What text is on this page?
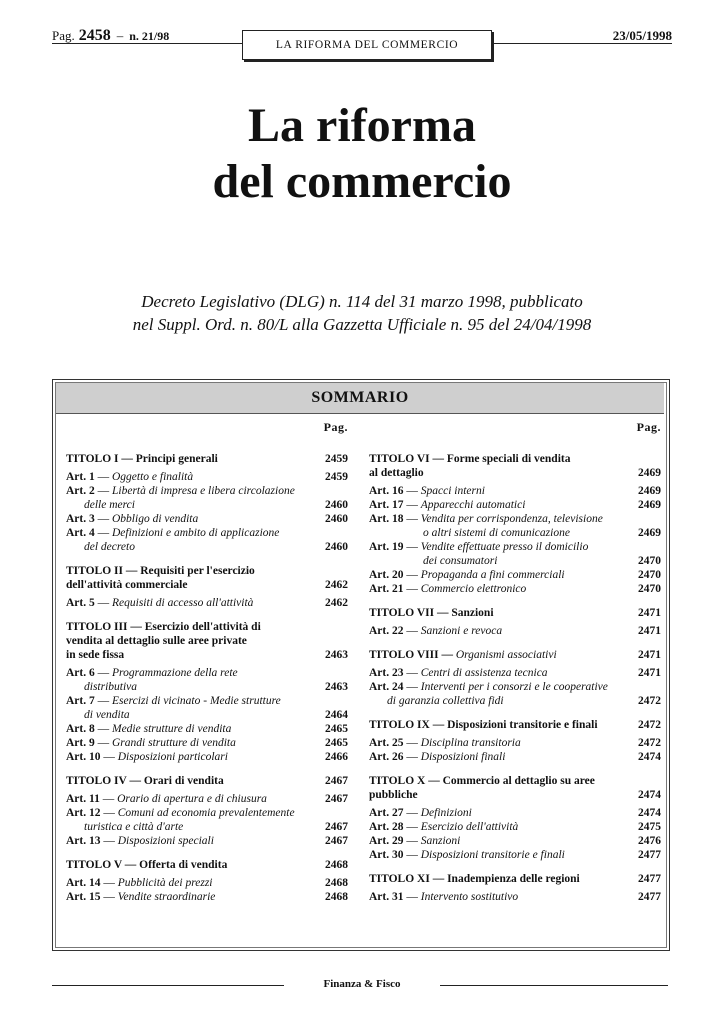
Pag. 2458 – n. 21/98
LA RIFORMA DEL COMMERCIO
23/05/1998
La riforma
del commercio
Decreto Legislativo (DLG) n. 114 del 31 marzo 1998, pubblicato
nel Suppl. Ord. n. 80/L alla Gazzetta Ufficiale n. 95 del 24/04/1998
SOMMARIO
Pag.
TITOLO I — Principi generali	2459
Art. 1 — Oggetto e finalità	2459
Art. 2 — Libertà di impresa e libera circolazione
delle merci	2460
Art. 3 — Obbligo di vendita	2460
Art. 4 — Definizioni e ambito di applicazione
del decreto	2460
TITOLO II — Requisiti per l'esercizio
dell'attività commerciale	2462
Art. 5 — Requisiti di accesso all'attività	2462
TITOLO III — Esercizio dell'attività di
vendita al dettaglio sulle aree private
in sede fissa	2463
Art. 6 — Programmazione della rete
distributiva	2463
Art. 7 — Esercizi di vicinato - Medie strutture
di vendita	2464
Art. 8 — Medie strutture di vendita	2465
Art. 9 — Grandi strutture di vendita	2465
Art. 10 — Disposizioni particolari	2466
TITOLO IV — Orari di vendita	2467
Art. 11 — Orario di apertura e di chiusura	2467
Art. 12 — Comuni ad economia prevalentemente
turistica e città d'arte	2467
Art. 13 — Disposizioni speciali	2467
TITOLO V — Offerta di vendita	2468
Art. 14 — Pubblicità dei prezzi	2468
Art. 15 — Vendite straordinarie	2468
Pag.
TITOLO VI — Forme speciali di vendita
al dettaglio	2469
Art. 16 — Spacci interni	2469
Art. 17 — Apparecchi automatici	2469
Art. 18 — Vendita per corrispondenza, televisione
o altri sistemi di comunicazione	2469
Art. 19 — Vendite effettuate presso il domicilio
dei consumatori	2470
Art. 20 — Propaganda a fini commerciali	2470
Art. 21 — Commercio elettronico	2470
TITOLO VII — Sanzioni	2471
Art. 22 — Sanzioni e revoca	2471
TITOLO VIII — Organismi associativi	2471
Art. 23 — Centri di assistenza tecnica	2471
Art. 24 — Interventi per i consorzi e le cooperative
di garanzia collettiva fidi	2472
TITOLO IX — Disposizioni transitorie e finali	2472
Art. 25 — Disciplina transitoria	2472
Art. 26 — Disposizioni finali	2474
TITOLO X — Commercio al dettaglio su aree
pubbliche	2474
Art. 27 — Definizioni	2474
Art. 28 — Esercizio dell'attività	2475
Art. 29 — Sanzioni	2476
Art. 30 — Disposizioni transitorie e finali	2477
TITOLO XI — Inadempienza delle regioni	2477
Art. 31 — Intervento sostitutivo	2477
Finanza & Fisco
